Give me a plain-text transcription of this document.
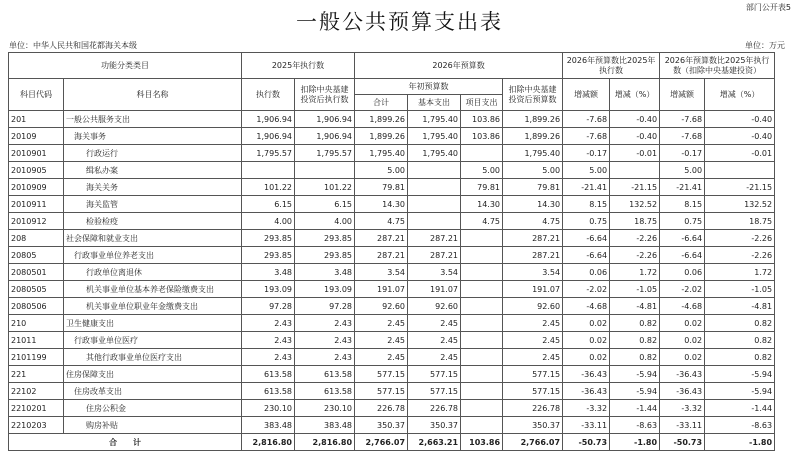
部门公开表5
一般公共预算支出表
单位：中华人民共和国花都海关本级	单位：万元
功能分类类目		2025年执行数		2026年预算数				2026年预算数比2025年执行数		2026年预算数比2025年执行数（扣除中央基建投资）	
科目代码	科目名称	执行数	扣除中央基建投资后执行数	年初预算数			扣除中央基建投资后预算数	增减额	增减（%）	增减额	增减（%）
				合计	基本支出	项目支出					
201	一般公共服务支出	1,906.94	1,906.94	1,899.26	1,795.40	103.86	1,899.26	-7.68	-0.40	-7.68	-0.40
20109	海关事务	1,906.94	1,906.94	1,899.26	1,795.40	103.86	1,899.26	-7.68	-0.40	-7.68	-0.40
2010901	行政运行	1,795.57	1,795.57	1,795.40	1,795.40		1,795.40	-0.17	-0.01	-0.17	-0.01
2010905	缉私办案			5.00		5.00	5.00	5.00		5.00	
2010909	海关关务	101.22	101.22	79.81		79.81	79.81	-21.41	-21.15	-21.41	-21.15
2010911	海关监管	6.15	6.15	14.30		14.30	14.30	8.15	132.52	8.15	132.52
2010912	检验检疫	4.00	4.00	4.75		4.75	4.75	0.75	18.75	0.75	18.75
208	社会保障和就业支出	293.85	293.85	287.21	287.21		287.21	-6.64	-2.26	-6.64	-2.26
20805	行政事业单位养老支出	293.85	293.85	287.21	287.21		287.21	-6.64	-2.26	-6.64	-2.26
2080501	行政单位离退休	3.48	3.48	3.54	3.54		3.54	0.06	1.72	0.06	1.72
2080505	机关事业单位基本养老保险缴费支出	193.09	193.09	191.07	191.07		191.07	-2.02	-1.05	-2.02	-1.05
2080506	机关事业单位职业年金缴费支出	97.28	97.28	92.60	92.60		92.60	-4.68	-4.81	-4.68	-4.81
210	卫生健康支出	2.43	2.43	2.45	2.45		2.45	0.02	0.82	0.02	0.82
21011	行政事业单位医疗	2.43	2.43	2.45	2.45		2.45	0.02	0.82	0.02	0.82
2101199	其他行政事业单位医疗支出	2.43	2.43	2.45	2.45		2.45	0.02	0.82	0.02	0.82
221	住房保障支出	613.58	613.58	577.15	577.15		577.15	-36.43	-5.94	-36.43	-5.94
22102	住房改革支出	613.58	613.58	577.15	577.15		577.15	-36.43	-5.94	-36.43	-5.94
2210201	住房公积金	230.10	230.10	226.78	226.78		226.78	-3.32	-1.44	-3.32	-1.44
2210203	购房补贴	383.48	383.48	350.37	350.37		350.37	-33.11	-8.63	-33.11	-8.63
合　　计		2,816.80	2,816.80	2,766.07	2,663.21	103.86	2,766.07	-50.73	-1.80	-50.73	-1.80
